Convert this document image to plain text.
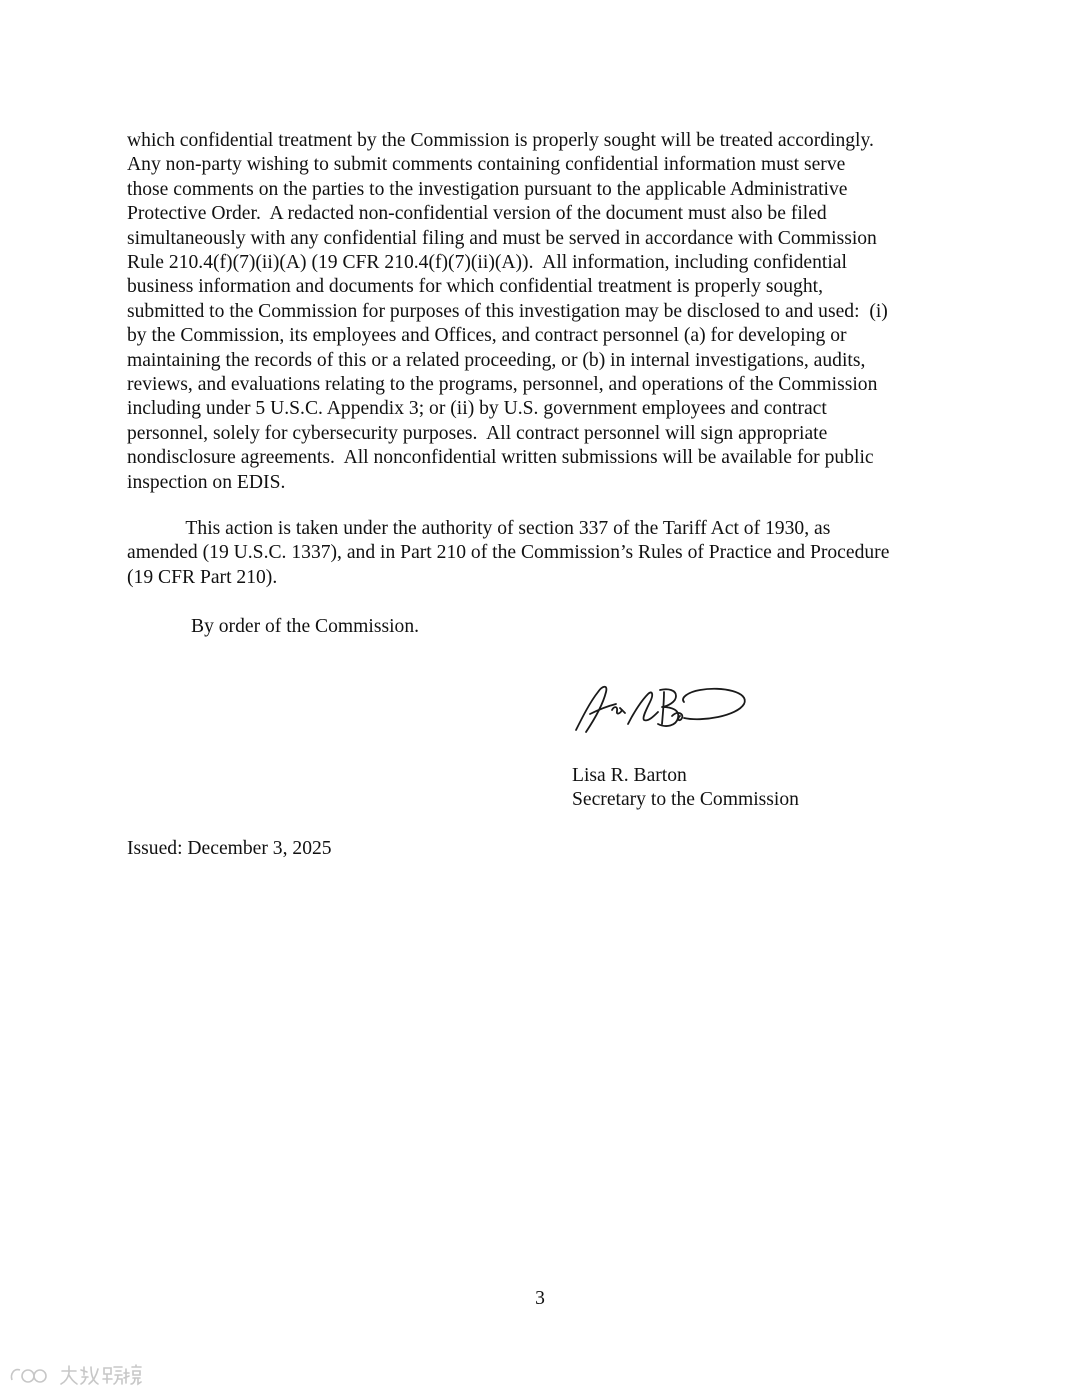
which confidential treatment by the Commission is properly sought will be treated accordingly.
Any non-party wishing to submit comments containing confidential information must serve
those comments on the parties to the investigation pursuant to the applicable Administrative
Protective Order.  A redacted non-confidential version of the document must also be filed
simultaneously with any confidential filing and must be served in accordance with Commission
Rule 210.4(f)(7)(ii)(A) (19 CFR 210.4(f)(7)(ii)(A)).  All information, including confidential
business information and documents for which confidential treatment is properly sought,
submitted to the Commission for purposes of this investigation may be disclosed to and used:  (i)
by the Commission, its employees and Offices, and contract personnel (a) for developing or
maintaining the records of this or a related proceeding, or (b) in internal investigations, audits,
reviews, and evaluations relating to the programs, personnel, and operations of the Commission
including under 5 U.S.C. Appendix 3; or (ii) by U.S. government employees and contract
personnel, solely for cybersecurity purposes.  All contract personnel will sign appropriate
nondisclosure agreements.  All nonconfidential written submissions will be available for public
inspection on EDIS.

This action is taken under the authority of section 337 of the Tariff Act of 1930, as
amended (19 U.S.C. 1337), and in Part 210 of the Commission’s Rules of Practice and Procedure
(19 CFR Part 210).

By order of the Commission.

Lisa R. Barton
Secretary to the Commission
Issued: December 3, 2025
3
